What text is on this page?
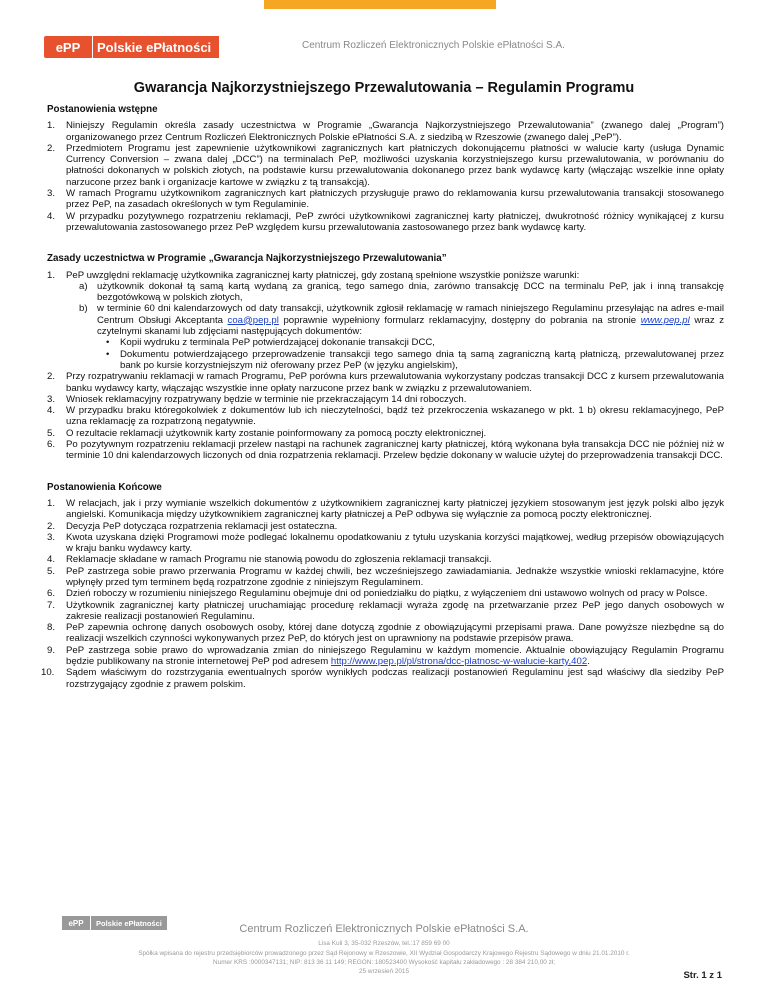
ePP	Polskie ePłatności	Centrum Rozliczeń Elektronicznych Polskie ePłatności S.A.
Gwarancja Najkorzystniejszego Przewalutowania – Regulamin Programu
Postanowienia wstępne
1. Niniejszy Regulamin określa zasady uczestnictwa w Programie „Gwarancja Najkorzystniejszego Przewalutowania” (zwanego dalej „Program”) organizowanego przez Centrum Rozliczeń Elektronicznych Polskie ePłatności S.A. z siedzibą w Rzeszowie (zwanego dalej „PeP”).
2. Przedmiotem Programu jest zapewnienie użytkownikowi zagranicznych kart płatniczych dokonującemu płatności w walucie karty (usługa Dynamic Currency Conversion – zwana dalej „DCC”) na terminalach PeP, możliwości uzyskania korzystniejszego kursu przewalutowania, w porównaniu do płatności dokonanych w polskich złotych, na podstawie kursu przewalutowania dokonanego przez bank wydawcę karty (włączając wszelkie inne opłaty narzucone przez bank i organizacje kartowe w związku z tą transakcją).
3. W ramach Programu użytkownikom zagranicznych kart płatniczych przysługuje prawo do reklamowania kursu przewalutowania transakcji stosowanego przez PeP, na zasadach określonych w tym Regulaminie.
4. W przypadku pozytywnego rozpatrzeniu reklamacji, PeP zwróci użytkownikowi zagranicznej karty płatniczej, dwukrotność różnicy wynikającej z kursu przewalutowania zastosowanego przez PeP względem kursu przewalutowania zastosowanego przez bank wydawcę karty.
Zasady uczestnictwa w Programie „Gwarancja Najkorzystniejszego Przewalutowania”
1. PeP uwzględni reklamację użytkownika zagranicznej karty płatniczej, gdy zostaną spełnione wszystkie poniższe warunki:
a) użytkownik dokonał tą samą kartą wydaną za granicą, tego samego dnia, zarówno transakcję DCC na terminalu PeP, jak i inną transakcję bezgotówkową w polskich złotych,
b) w terminie 60 dni kalendarzowych od daty transakcji, użytkownik zgłosił reklamację w ramach niniejszego Regulaminu przesyłając na adres e-mail Centrum Obsługi Akceptanta coa@pep.pl poprawnie wypełniony formularz reklamacyjny, dostępny do pobrania na stronie www.pep.pl wraz z czytelnymi skanami lub zdjęciami następujących dokumentów:
• Kopii wydruku z terminala PeP potwierdzającej dokonanie transakcji DCC,
• Dokumentu potwierdzającego przeprowadzenie transakcji tego samego dnia tą samą zagraniczną kartą płatniczą, przewalutowanej przez bank po kursie korzystniejszym niż oferowany przez PeP (w języku angielskim),
2. Przy rozpatrywaniu reklamacji w ramach Programu, PeP porówna kurs przewalutowania wykorzystany podczas transakcji DCC z kursem przewalutowania banku wydawcy karty, włączając wszystkie inne opłaty narzucone przez bank w związku z przewalutowaniem.
3. Wniosek reklamacyjny rozpatrywany będzie w terminie nie przekraczającym 14 dni roboczych.
4. W przypadku braku któregokolwiek z dokumentów lub ich nieczytelności, bądź też przekroczenia wskazanego w pkt. 1 b) okresu reklamacyjnego, PeP uzna reklamację za rozpatrzoną negatywnie.
5. O rezultacie reklamacji użytkownik karty zostanie poinformowany za pomocą poczty elektronicznej.
6. Po pozytywnym rozpatrzeniu reklamacji przelew nastąpi na rachunek zagranicznej karty płatniczej, którą wykonana była transakcja DCC nie później niż w terminie 10 dni kalendarzowych liczonych od dnia rozpatrzenia reklamacji. Przelew będzie dokonany w walucie użytej do przeprowadzenia transakcji DCC.
Postanowienia Końcowe
1. W relacjach, jak i przy wymianie wszelkich dokumentów z użytkownikiem zagranicznej karty płatniczej językiem stosowanym jest język polski albo język angielski. Komunikacja między użytkownikiem zagranicznej karty płatniczej a PeP odbywa się wyłącznie za pomocą poczty elektronicznej.
2. Decyzja PeP dotycząca rozpatrzenia reklamacji jest ostateczna.
3. Kwota uzyskana dzięki Programowi może podlegać lokalnemu opodatkowaniu z tytułu uzyskania korzyści majątkowej, według przepisów obowiązujących w kraju banku wydawcy karty.
4. Reklamacje składane w ramach Programu nie stanowią powodu do zgłoszenia reklamacji transakcji.
5. PeP zastrzega sobie prawo przerwania Programu w każdej chwili, bez wcześniejszego zawiadamiania. Jednakże wszystkie wnioski reklamacyjne, które wpłynęły przed tym terminem będą rozpatrzone zgodnie z niniejszym Regulaminem.
6. Dzień roboczy w rozumieniu niniejszego Regulaminu obejmuje dni od poniedziałku do piątku, z wyłączeniem dni ustawowo wolnych od pracy w Polsce.
7. Użytkownik zagranicznej karty płatniczej uruchamiając procedurę reklamacji wyraża zgodę na przetwarzanie przez PeP jego danych osobowych w zakresie realizacji postanowień Regulaminu.
8. PeP zapewnia ochronę danych osobowych osoby, której dane dotyczą zgodnie z obowiązującymi przepisami prawa. Dane powyższe niezbędne są do realizacji wszelkich czynności wykonywanych przez PeP, do których jest on uprawniony na podstawie przepisów prawa.
9. PeP zastrzega sobie prawo do wprowadzania zmian do niniejszego Regulaminu w każdym momencie. Aktualnie obowiązujący Regulamin Programu będzie publikowany na stronie internetowej PeP pod adresem http://www.pep.pl/pl/strona/dcc-platnosc-w-walucie-karty,402.
10. Sądem właściwym do rozstrzygania ewentualnych sporów wynikłych podczas realizacji postanowień Regulaminu jest sąd właściwy dla siedziby PeP rozstrzygający zgodnie z prawem polskim.
ePP	Polskie ePłatności	Centrum Rozliczeń Elektronicznych Polskie ePłatności S.A.
Lisa Kuli 3, 35-032 Rzeszów, tel.:17 859 69 00
Spółka wpisana do rejestru przedsiębiorców prowadzonego przez Sąd Rejonowy w Rzeszowie, XII Wydział Gospodarczy Krajowego Rejestru Sądowego w dniu 21.01.2010 r.
Numer KRS :0000347131; NIP: 813 36 11 149; REGON: 180523400 Wysokość kapitału zakładowego : 28 384 210,00 zł;
25 wrzesień 2015	Str. 1 z 1
